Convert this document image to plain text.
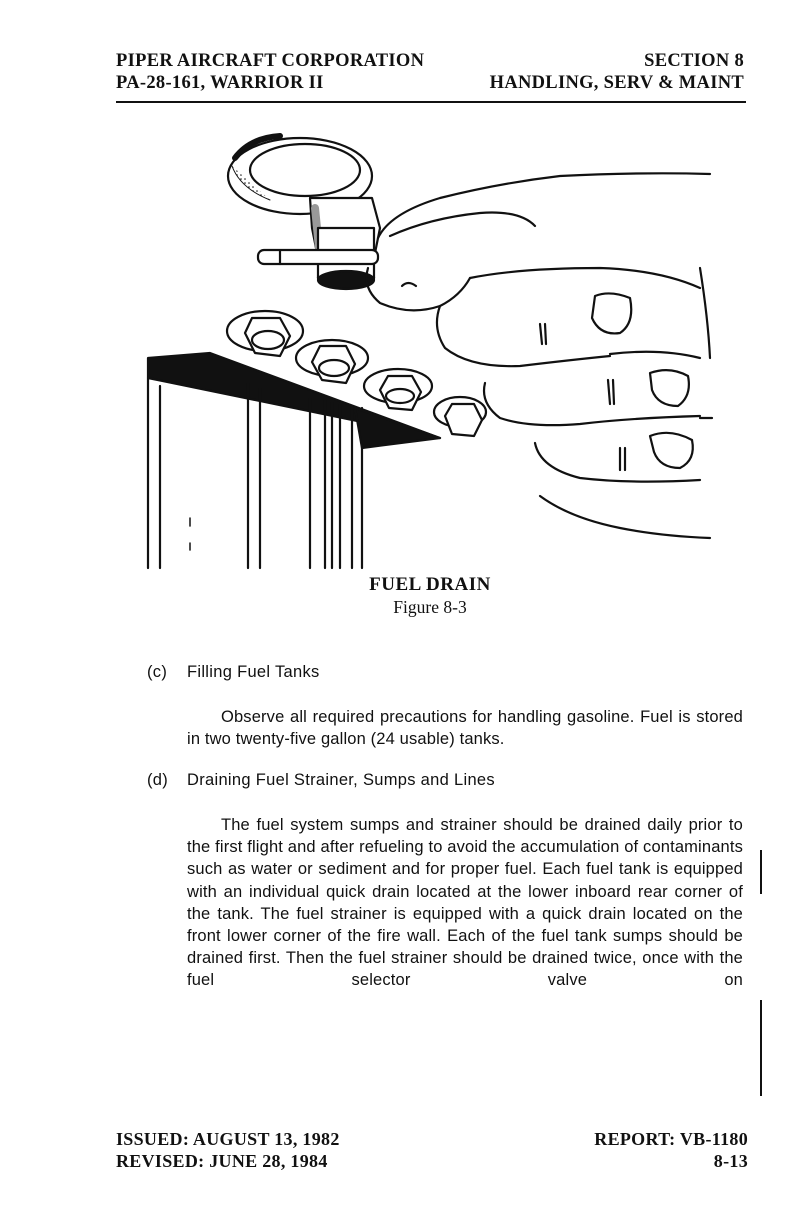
PIPER AIRCRAFT CORPORATION	SECTION 8
PA-28-161, WARRIOR II	HANDLING, SERV & MAINT
FUEL DRAIN
Figure 8-3
(c) Filling Fuel Tanks
Observe all required precautions for handling gasoline. Fuel is stored in two twenty-five gallon (24 usable) tanks.
(d) Draining Fuel Strainer, Sumps and Lines
The fuel system sumps and strainer should be drained daily prior to the first flight and after refueling to avoid the accumulation of contaminants such as water or sediment and for proper fuel. Each fuel tank is equipped with an individual quick drain located at the lower inboard rear corner of the tank. The fuel strainer is equipped with a quick drain located on the front lower corner of the fire wall. Each of the fuel tank sumps should be drained first. Then the fuel strainer should be drained twice, once with the fuel selector valve on
ISSUED: AUGUST 13, 1982	REPORT: VB-1180
REVISED: JUNE 28, 1984	8-13
